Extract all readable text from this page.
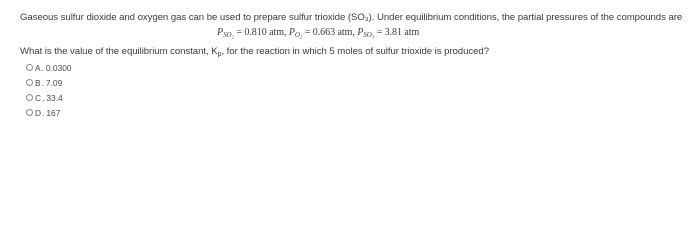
Gaseous sulfur dioxide and oxygen gas can be used to prepare sulfur trioxide (SO₃). Under equilibrium conditions, the partial pressures of the compounds are
$P_{SO_2} = 0.810$ atm, $P_{O_2} = 0.663$ atm, $P_{SO_3} = 3.81$ atm
What is the value of the equilibrium constant, $K_p$, for the reaction in which 5 moles of sulfur trioxide is produced?
A . 0.0300
B . 7.09
C . 33.4
D . 167
